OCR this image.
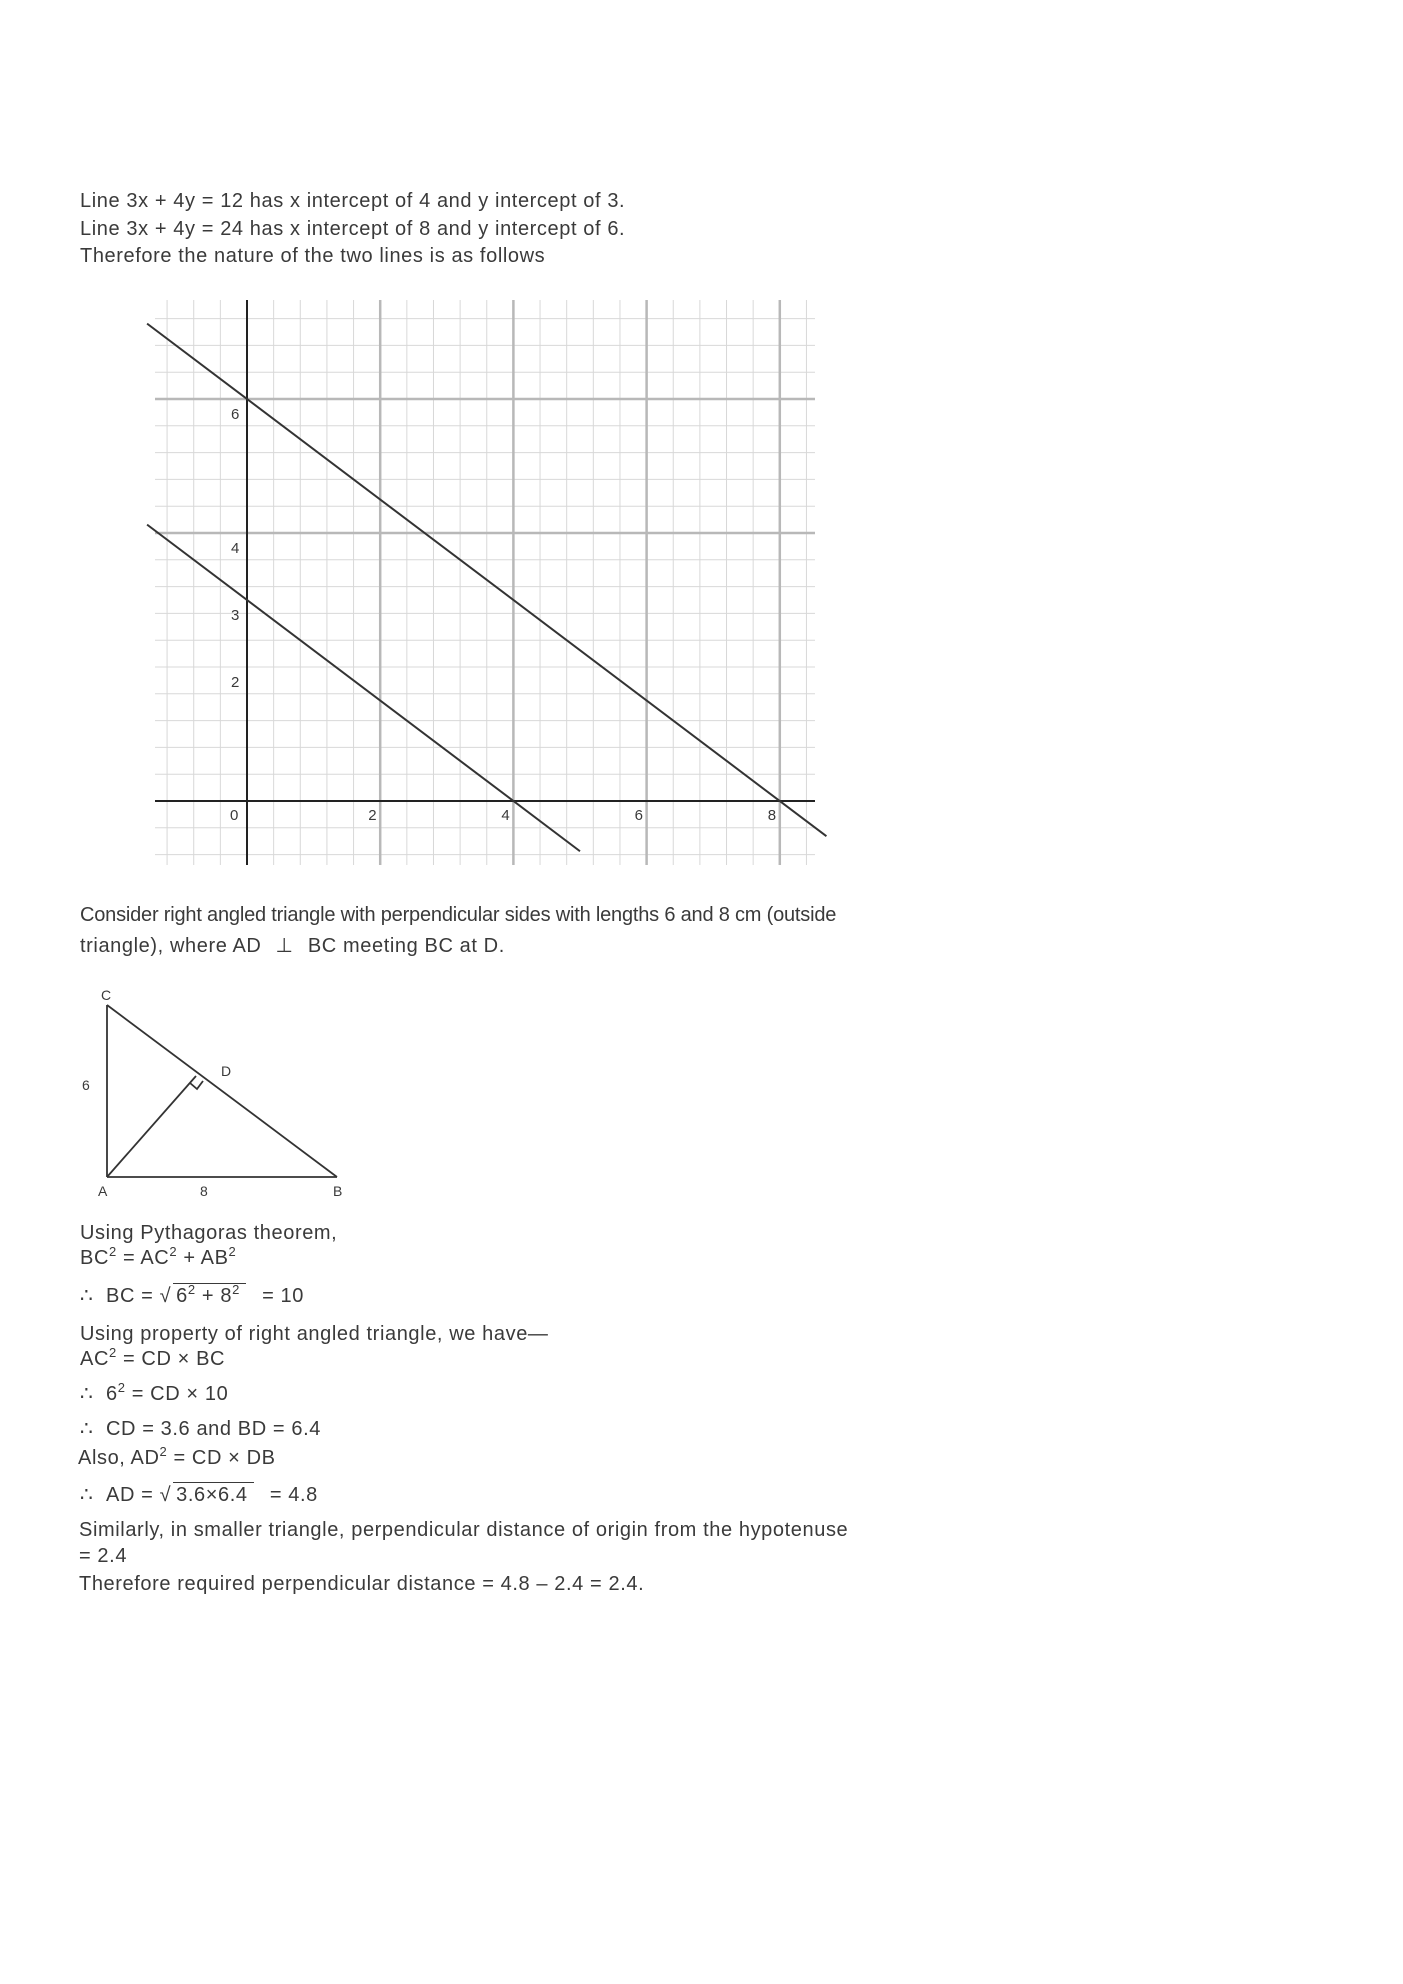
Line 3x + 4y = 12 has x intercept of 4 and y intercept of 3.
Line 3x + 4y = 24 has x intercept of 8 and y intercept of 6.
Therefore the nature of the two lines is as follows
6
4
3
2
2	4	6	8
0
Consider right angled triangle with perpendicular sides with lengths 6 and 8 cm (outside
triangle), where AD ⊥ BC meeting BC at D.
C
D
A	B
6
8
Using Pythagoras theorem,
$BC^2 = AC^2 + AB^2$
∴ BC = √ $6^2 + 8^2 = 10$
Using property of right angled triangle, we have—
$AC^2$ = CD × BC
∴ $6^2$ = CD × 10
∴ CD = 3.6 and BD = 6.4
Also, $AD^2$ = CD × DB
∴ AD = √ 3.6×6.4 = 4.8
Similarly, in smaller triangle, perpendicular distance of origin from the hypotenuse
= 2.4
Therefore required perpendicular distance = 4.8 – 2.4 = 2.4.
